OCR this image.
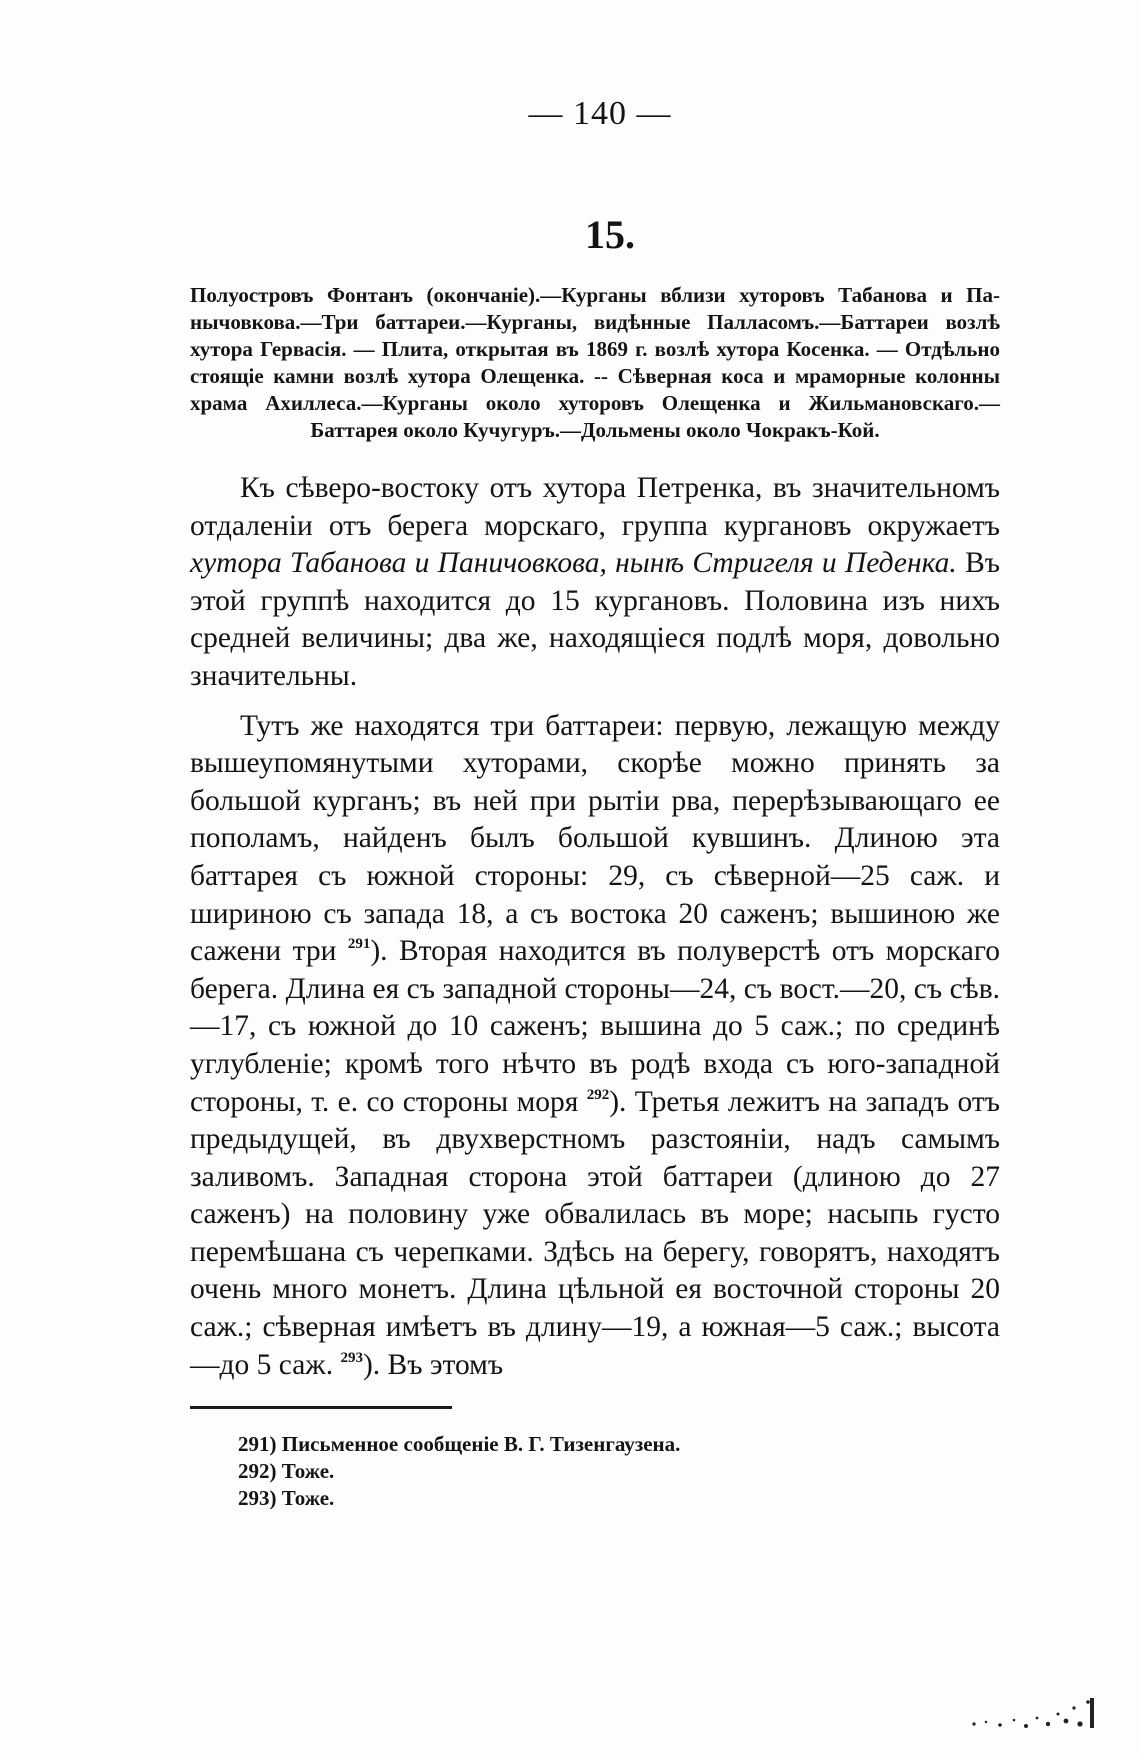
— 140 —
15.
Полуостровъ Фонтанъ (окончанie).—Курганы вблизи хуторовъ Табанова и Панычовкова.—Три баттареи.—Курганы, видѣнные Палласомъ.—Баттареи возлѣ хутора Гервасія. — Плита, открытая въ 1869 г. возлѣ хутора Косенка. — Отдѣльно стоящіе камни возлѣ хутора Олещенка. -- Сѣверная коса и мраморные колонны храма Ахиллеса.—Курганы около хуторовъ Олещенка и Жильмановскаго.—Баттарея около Кучугуръ.—Дольмены около Чокракъ-Кой.

Къ сѣверо-востоку отъ хутора Петренка, въ значительномъ отдаленіи отъ берега морскаго, группа кургановъ окружаетъ хутора Табанова и Паничовкова, нынѣ Стригеля и Педенка. Въ этой группѣ находится до 15 кургановъ. Половина изъ нихъ средней величины; два же, находящіеся подлѣ моря, довольно значительны.

Тутъ же находятся три баттареи: первую, лежащую между вышеупомянутыми хуторами, скорѣе можно принять за большой курганъ; въ ней при рытіи рва, перерѣзывающаго ее пополамъ, найденъ былъ большой кувшинъ. Длиною эта баттарея съ южной стороны: 29, съ сѣверной—25 саж. и шириною съ запада 18, а съ востока 20 саженъ; вышиною же сажени три $^{291}$). Вторая находится въ полуверстѣ отъ морскаго берега. Длина ея съ западной стороны—24, съ вост.—20, съ сѣв.—17, съ южной до 10 саженъ; вышина до 5 саж.; по срединѣ углубленіе; кромѣ того нѣчто въ родѣ входа съ юго-западной стороны, т. е. со стороны моря $^{292}$). Третья лежитъ на западъ отъ предыдущей, въ двухверстномъ разстояніи, надъ самымъ заливомъ. Западная сторона этой баттареи (длиною до 27 саженъ) на половину уже обвалилась въ море; насыпь густо перемѣшана съ черепками. Здѣсь на берегу, говорятъ, находятъ очень много монетъ. Длина цѣльной ея восточной стороны 20 саж.; сѣверная имѣетъ въ длину—19, а южная—5 саж.; высота—до 5 саж. $^{293}$). Въ этомъ

291) Письменное сообщеніе В. Г. Тизенгаузена.
292) Тоже.
293) Тоже.
